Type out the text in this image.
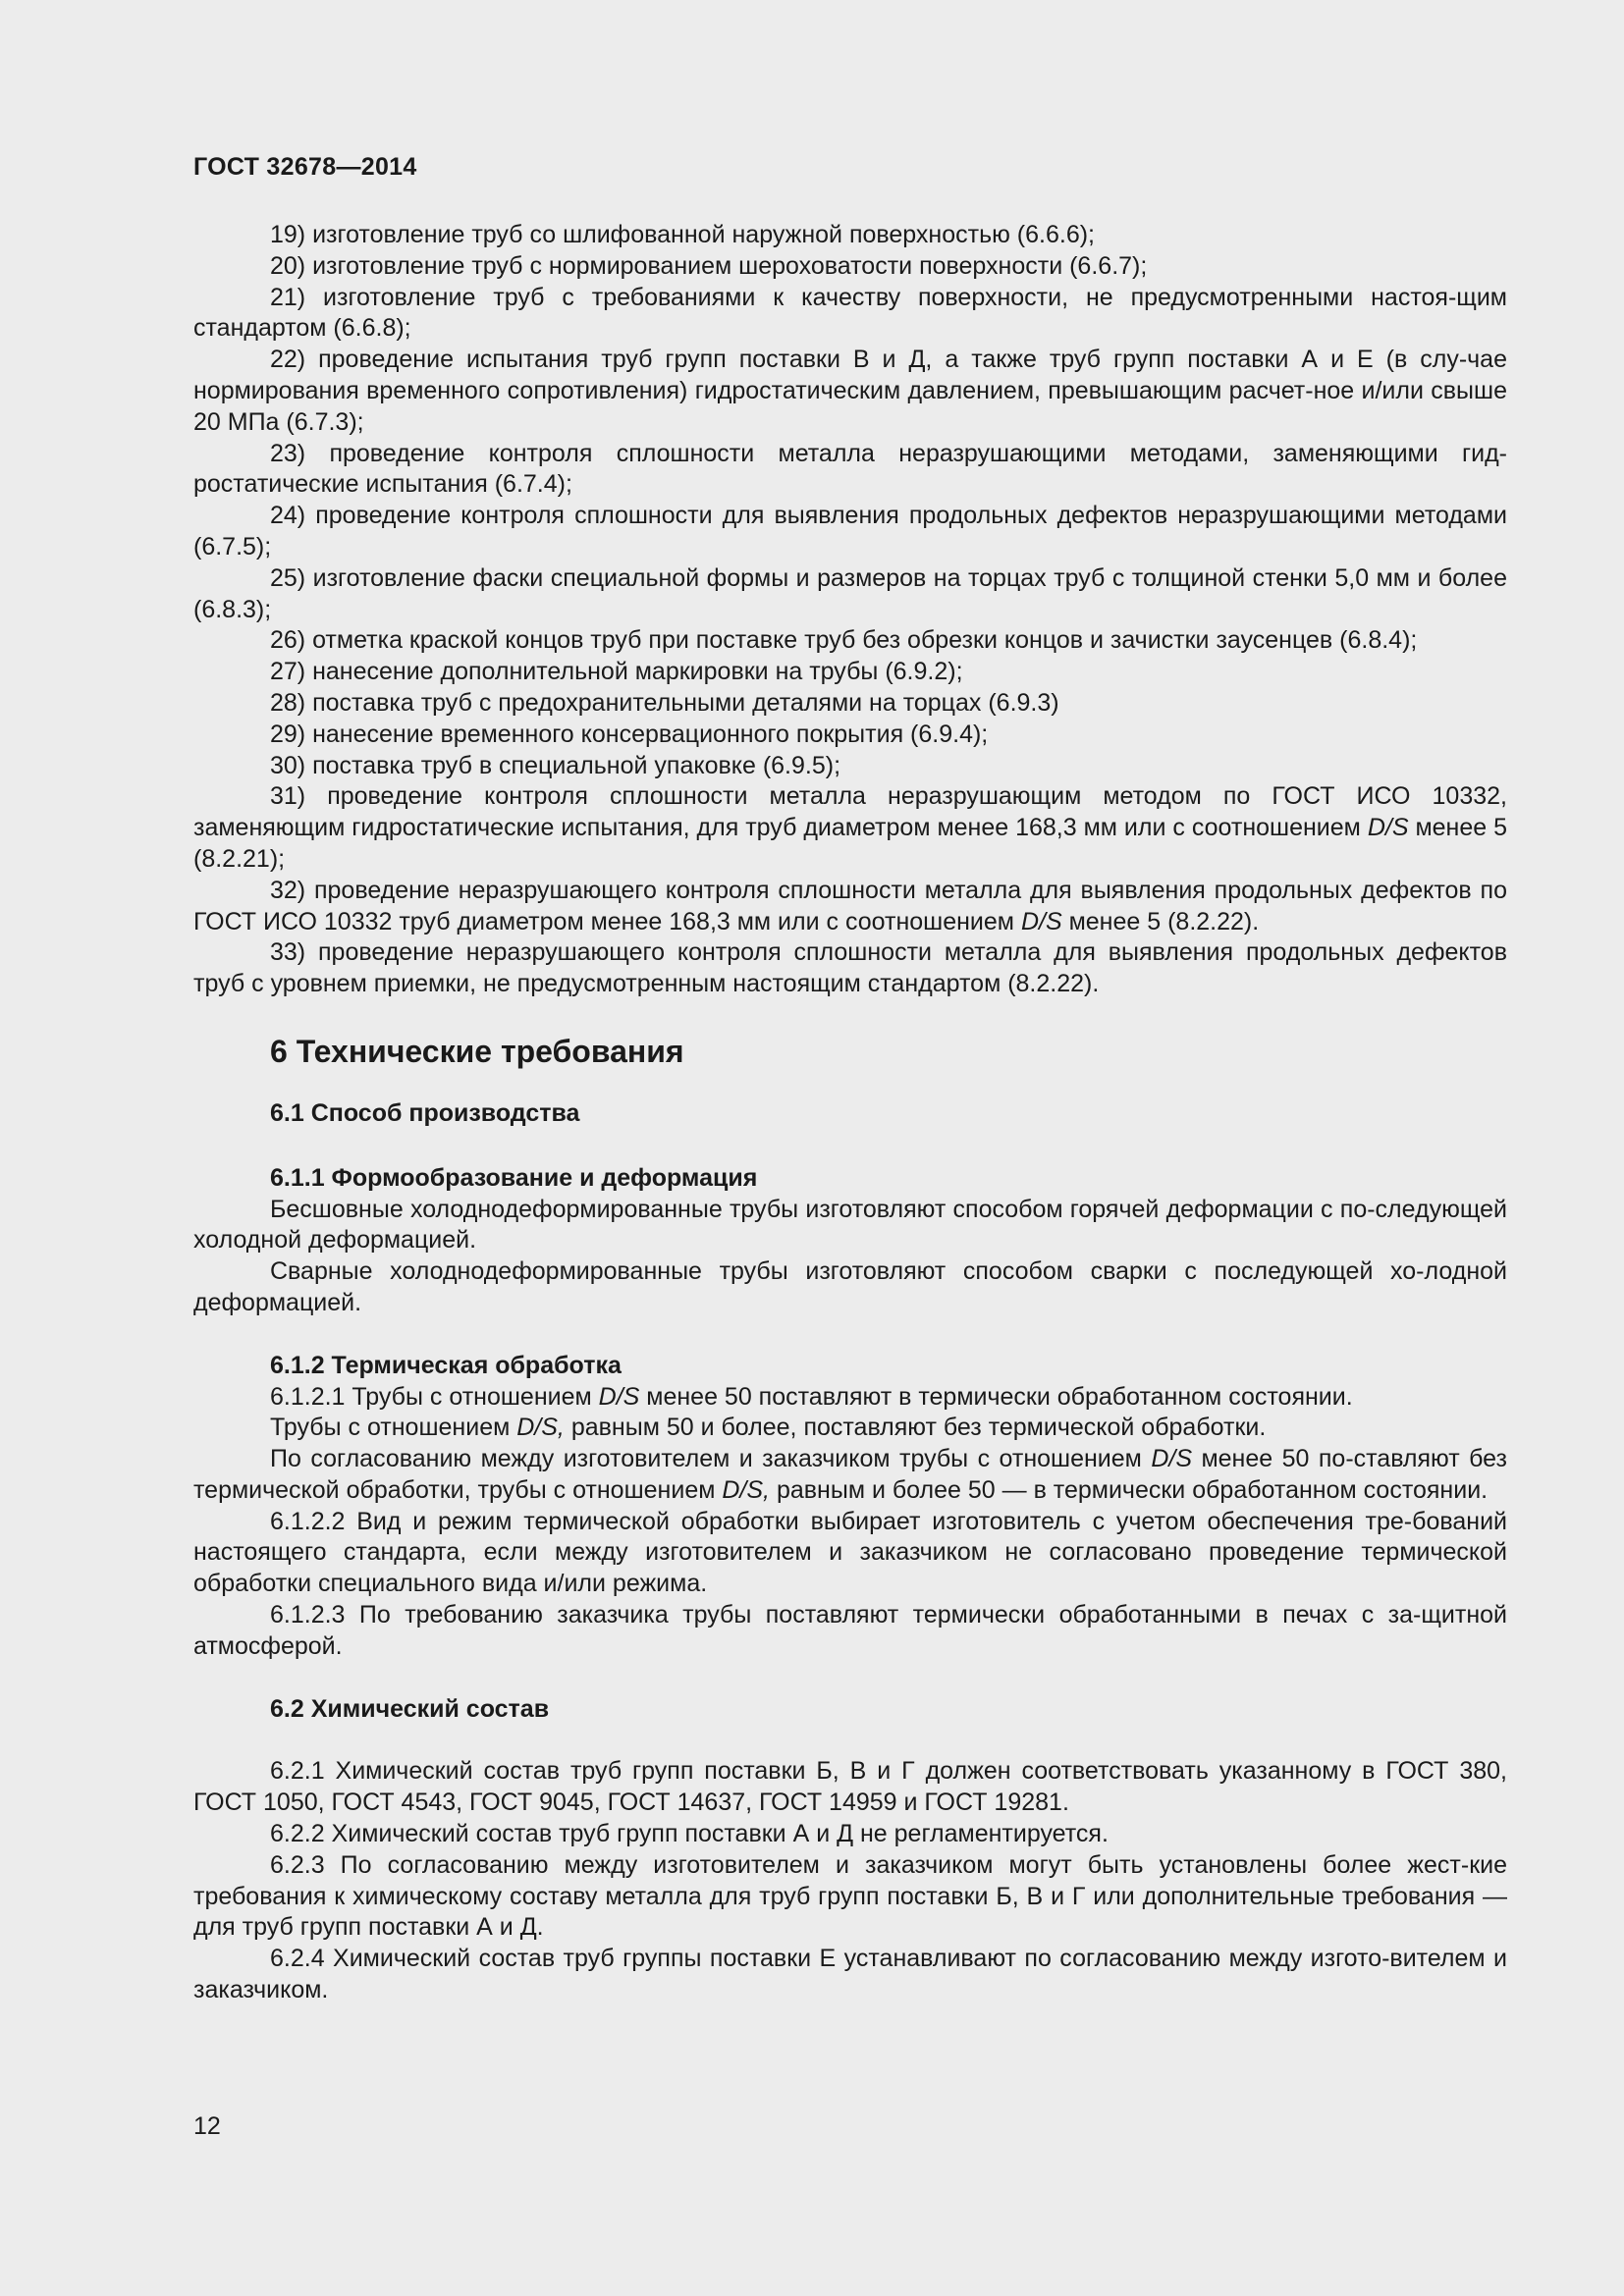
ГОСТ 32678—2014

19) изготовление труб со шлифованной наружной поверхностью (6.6.6);

20) изготовление труб с нормированием шероховатости поверхности (6.6.7);

21) изготовление труб с требованиями к качеству поверхности, не предусмотренными настоя-щим стандартом (6.6.8);

22) проведение испытания труб групп поставки В и Д, а также труб групп поставки А и Е (в слу-чае нормирования временного сопротивления) гидростатическим давлением, превышающим расчет-ное и/или свыше 20 МПа (6.7.3);

23) проведение контроля сплошности металла неразрушающими методами, заменяющими гид-ростатические испытания (6.7.4);

24) проведение контроля сплошности для выявления продольных дефектов неразрушающими методами (6.7.5);

25) изготовление фаски специальной формы и размеров на торцах труб с толщиной стенки 5,0 мм и более (6.8.3);

26) отметка краской концов труб при поставке труб без обрезки концов и зачистки заусенцев (6.8.4);

27) нанесение дополнительной маркировки на трубы (6.9.2);

28) поставка труб с предохранительными деталями на торцах (6.9.3)

29) нанесение временного консервационного покрытия (6.9.4);

30) поставка труб в специальной упаковке (6.9.5);

31) проведение контроля сплошности металла неразрушающим методом по ГОСТ ИСО 10332, заменяющим гидростатические испытания, для труб диаметром менее 168,3 мм или с соотношением D/S менее 5 (8.2.21);

32) проведение неразрушающего контроля сплошности металла для выявления продольных дефектов по ГОСТ ИСО 10332 труб диаметром менее 168,3 мм или с соотношением D/S менее 5 (8.2.22).

33) проведение неразрушающего контроля сплошности металла для выявления продольных дефектов труб с уровнем приемки, не предусмотренным настоящим стандартом (8.2.22).

6 Технические требования
6.1 Способ производства
6.1.1 Формообразование и деформация

Бесшовные холоднодеформированные трубы изготовляют способом горячей деформации с по-следующей холодной деформацией.

Сварные холоднодеформированные трубы изготовляют способом сварки с последующей хо-лодной деформацией.

6.1.2 Термическая обработка

6.1.2.1 Трубы с отношением D/S менее 50 поставляют в термически обработанном состоянии.

Трубы с отношением D/S, равным 50 и более, поставляют без термической обработки.

По согласованию между изготовителем и заказчиком трубы с отношением D/S менее 50 по-ставляют без термической обработки, трубы с отношением D/S, равным и более 50 — в термически обработанном состоянии.

6.1.2.2 Вид и режим термической обработки выбирает изготовитель с учетом обеспечения тре-бований настоящего стандарта, если между изготовителем и заказчиком не согласовано проведение термической обработки специального вида и/или режима.

6.1.2.3 По требованию заказчика трубы поставляют термически обработанными в печах с за-щитной атмосферой.

6.2 Химический состав

6.2.1 Химический состав труб групп поставки Б, В и Г должен соответствовать указанному в ГОСТ 380, ГОСТ 1050, ГОСТ 4543, ГОСТ 9045, ГОСТ 14637, ГОСТ 14959 и ГОСТ 19281.

6.2.2 Химический состав труб групп поставки А и Д не регламентируется.

6.2.3 По согласованию между изготовителем и заказчиком могут быть установлены более жест-кие требования к химическому составу металла для труб групп поставки Б, В и Г или дополнительные требования — для труб групп поставки А и Д.

6.2.4 Химический состав труб группы поставки Е устанавливают по согласованию между изгото-вителем и заказчиком.

12
